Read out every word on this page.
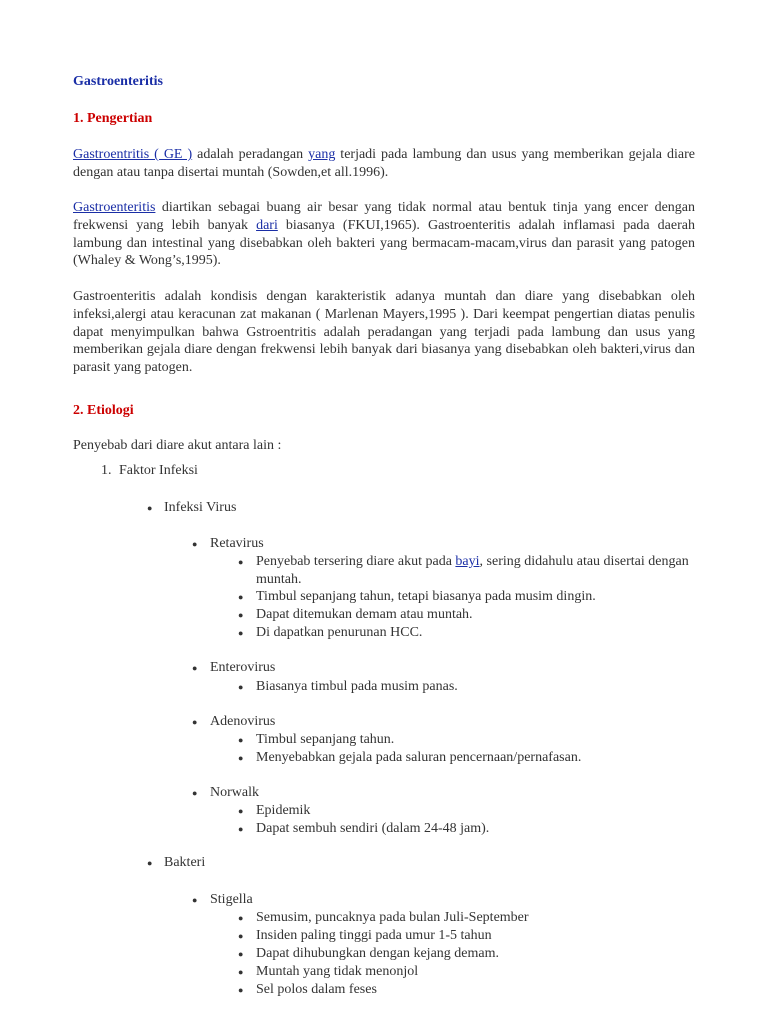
Gastroenteritis
1. Pengertian

Gastroentritis ( GE ) adalah peradangan yang terjadi pada lambung dan usus yang memberikan gejala diare dengan atau tanpa disertai muntah (Sowden,et all.1996).

Gastroenteritis diartikan sebagai buang air besar yang tidak normal atau bentuk tinja yang encer dengan frekwensi yang lebih banyak dari biasanya (FKUI,1965). Gastroenteritis adalah inflamasi pada daerah lambung dan intestinal yang disebabkan oleh bakteri yang bermacam-macam,virus dan parasit yang patogen (Whaley & Wong’s,1995).

Gastroenteritis adalah kondisis dengan karakteristik adanya muntah dan diare yang disebabkan oleh infeksi,alergi atau keracunan zat makanan ( Marlenan Mayers,1995 ). Dari keempat pengertian diatas penulis dapat menyimpulkan bahwa Gstroentritis adalah peradangan yang terjadi pada lambung dan usus yang memberikan gejala diare dengan frekwensi lebih banyak dari biasanya yang disebabkan oleh bakteri,virus dan parasit yang patogen.

2. Etiologi
Penyebab dari diare akut antara lain :
1. Faktor Infeksi
● Infeksi Virus
● Retavirus
● Penyebab tersering diare akut pada bayi, sering didahulu atau disertai dengan muntah.
● Timbul sepanjang tahun, tetapi biasanya pada musim dingin.
● Dapat ditemukan demam atau muntah.
● Di dapatkan penurunan HCC.
● Enterovirus
● Biasanya timbul pada musim panas.
● Adenovirus
● Timbul sepanjang tahun.
● Menyebabkan gejala pada saluran pencernaan/pernafasan.
● Norwalk
● Epidemik
● Dapat sembuh sendiri (dalam 24-48 jam).
● Bakteri
● Stigella
● Semusim, puncaknya pada bulan Juli-September
● Insiden paling tinggi pada umur 1-5 tahun
● Dapat dihubungkan dengan kejang demam.
● Muntah yang tidak menonjol
● Sel polos dalam feses
